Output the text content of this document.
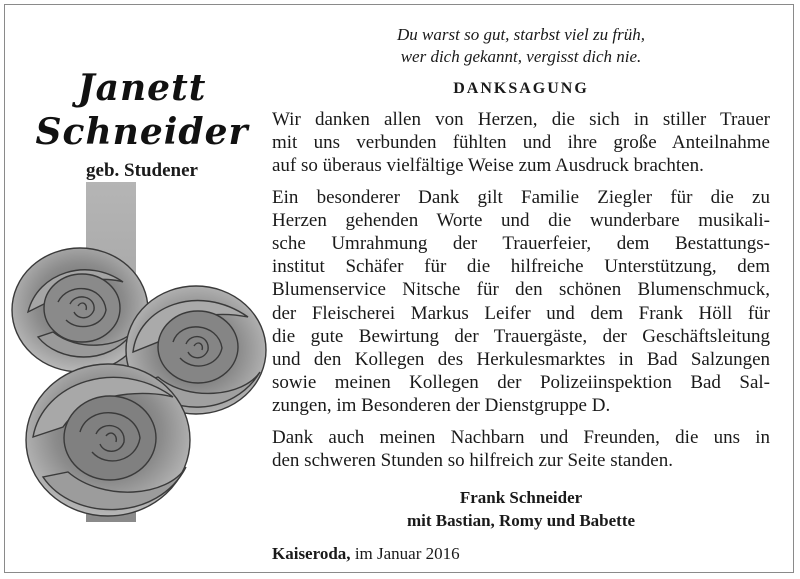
Janett
Schneider
geb. Studener
Du warst so gut, starbst viel zu früh,
wer dich gekannt, vergisst dich nie.
DANKSAGUNG
Wir danken allen von Herzen, die sich in stiller Trauer
mit uns verbunden fühlten und ihre große Anteilnahme
auf so überaus vielfältige Weise zum Ausdruck brachten.
Ein besonderer Dank gilt Familie Ziegler für die zu
Herzen gehenden Worte und die wunderbare musikali-
sche Umrahmung der Trauerfeier, dem Bestattungs-
institut Schäfer für die hilfreiche Unterstützung, dem
Blumenservice Nitsche für den schönen Blumenschmuck,
der Fleischerei Markus Leifer und dem Frank Höll für
die gute Bewirtung der Trauergäste, der Geschäftsleitung
und den Kollegen des Herkulesmarktes in Bad Salzungen
sowie meinen Kollegen der Polizeiinspektion Bad Sal-
zungen, im Besonderen der Dienstgruppe D.
Dank auch meinen Nachbarn und Freunden, die uns in
den schweren Stunden so hilfreich zur Seite standen.
Frank Schneider
mit Bastian, Romy und Babette
Kaiseroda, im Januar 2016
